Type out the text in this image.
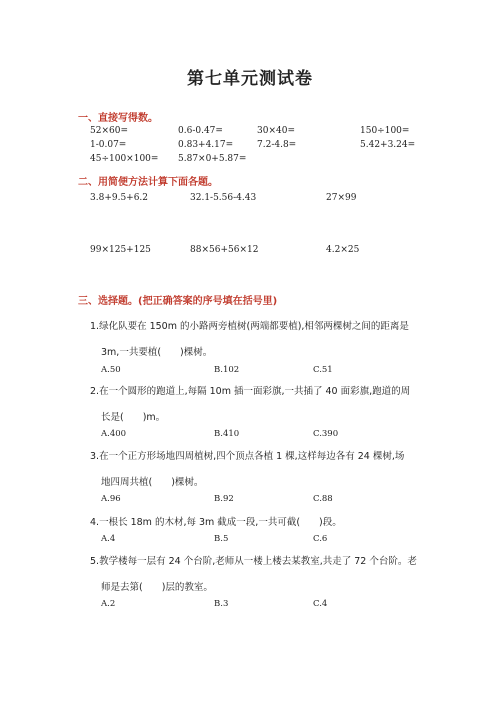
第七单元测试卷
一、直接写得数。
52×60=	0.6-0.47=	30×40=	150÷100=
1-0.07=	0.83+4.17=	7.2-4.8=	5.42+3.24=
45÷100×100= 5.87×0+5.87=
二、用简便方法计算下面各题。
3.8+9.5+6.2	32.1-5.56-4.43	27×99
99×125+125	88×56+56×12	4.2×25
三、选择题。(把正确答案的序号填在括号里)
1.绿化队要在 150m 的小路两旁植树(两端都要植),相邻两棵树之间的距离是
3m,一共要植(　　)棵树。
A.50	B.102	C.51
2.在一个圆形的跑道上,每隔 10m 插一面彩旗,一共插了 40 面彩旗,跑道的周
长是(　　)m。
A.400	B.410	C.390
3.在一个正方形场地四周植树,四个顶点各植 1 棵,这样每边各有 24 棵树,场
地四周共植(　　)棵树。
A.96	B.92	C.88
4.一根长 18m 的木材,每 3m 截成一段,一共可截(　　)段。
A.4	B.5	C.6
5.教学楼每一层有 24 个台阶,老师从一楼上楼去某教室,共走了 72 个台阶。老
师是去第(　　)层的教室。
A.2	B.3	C.4
